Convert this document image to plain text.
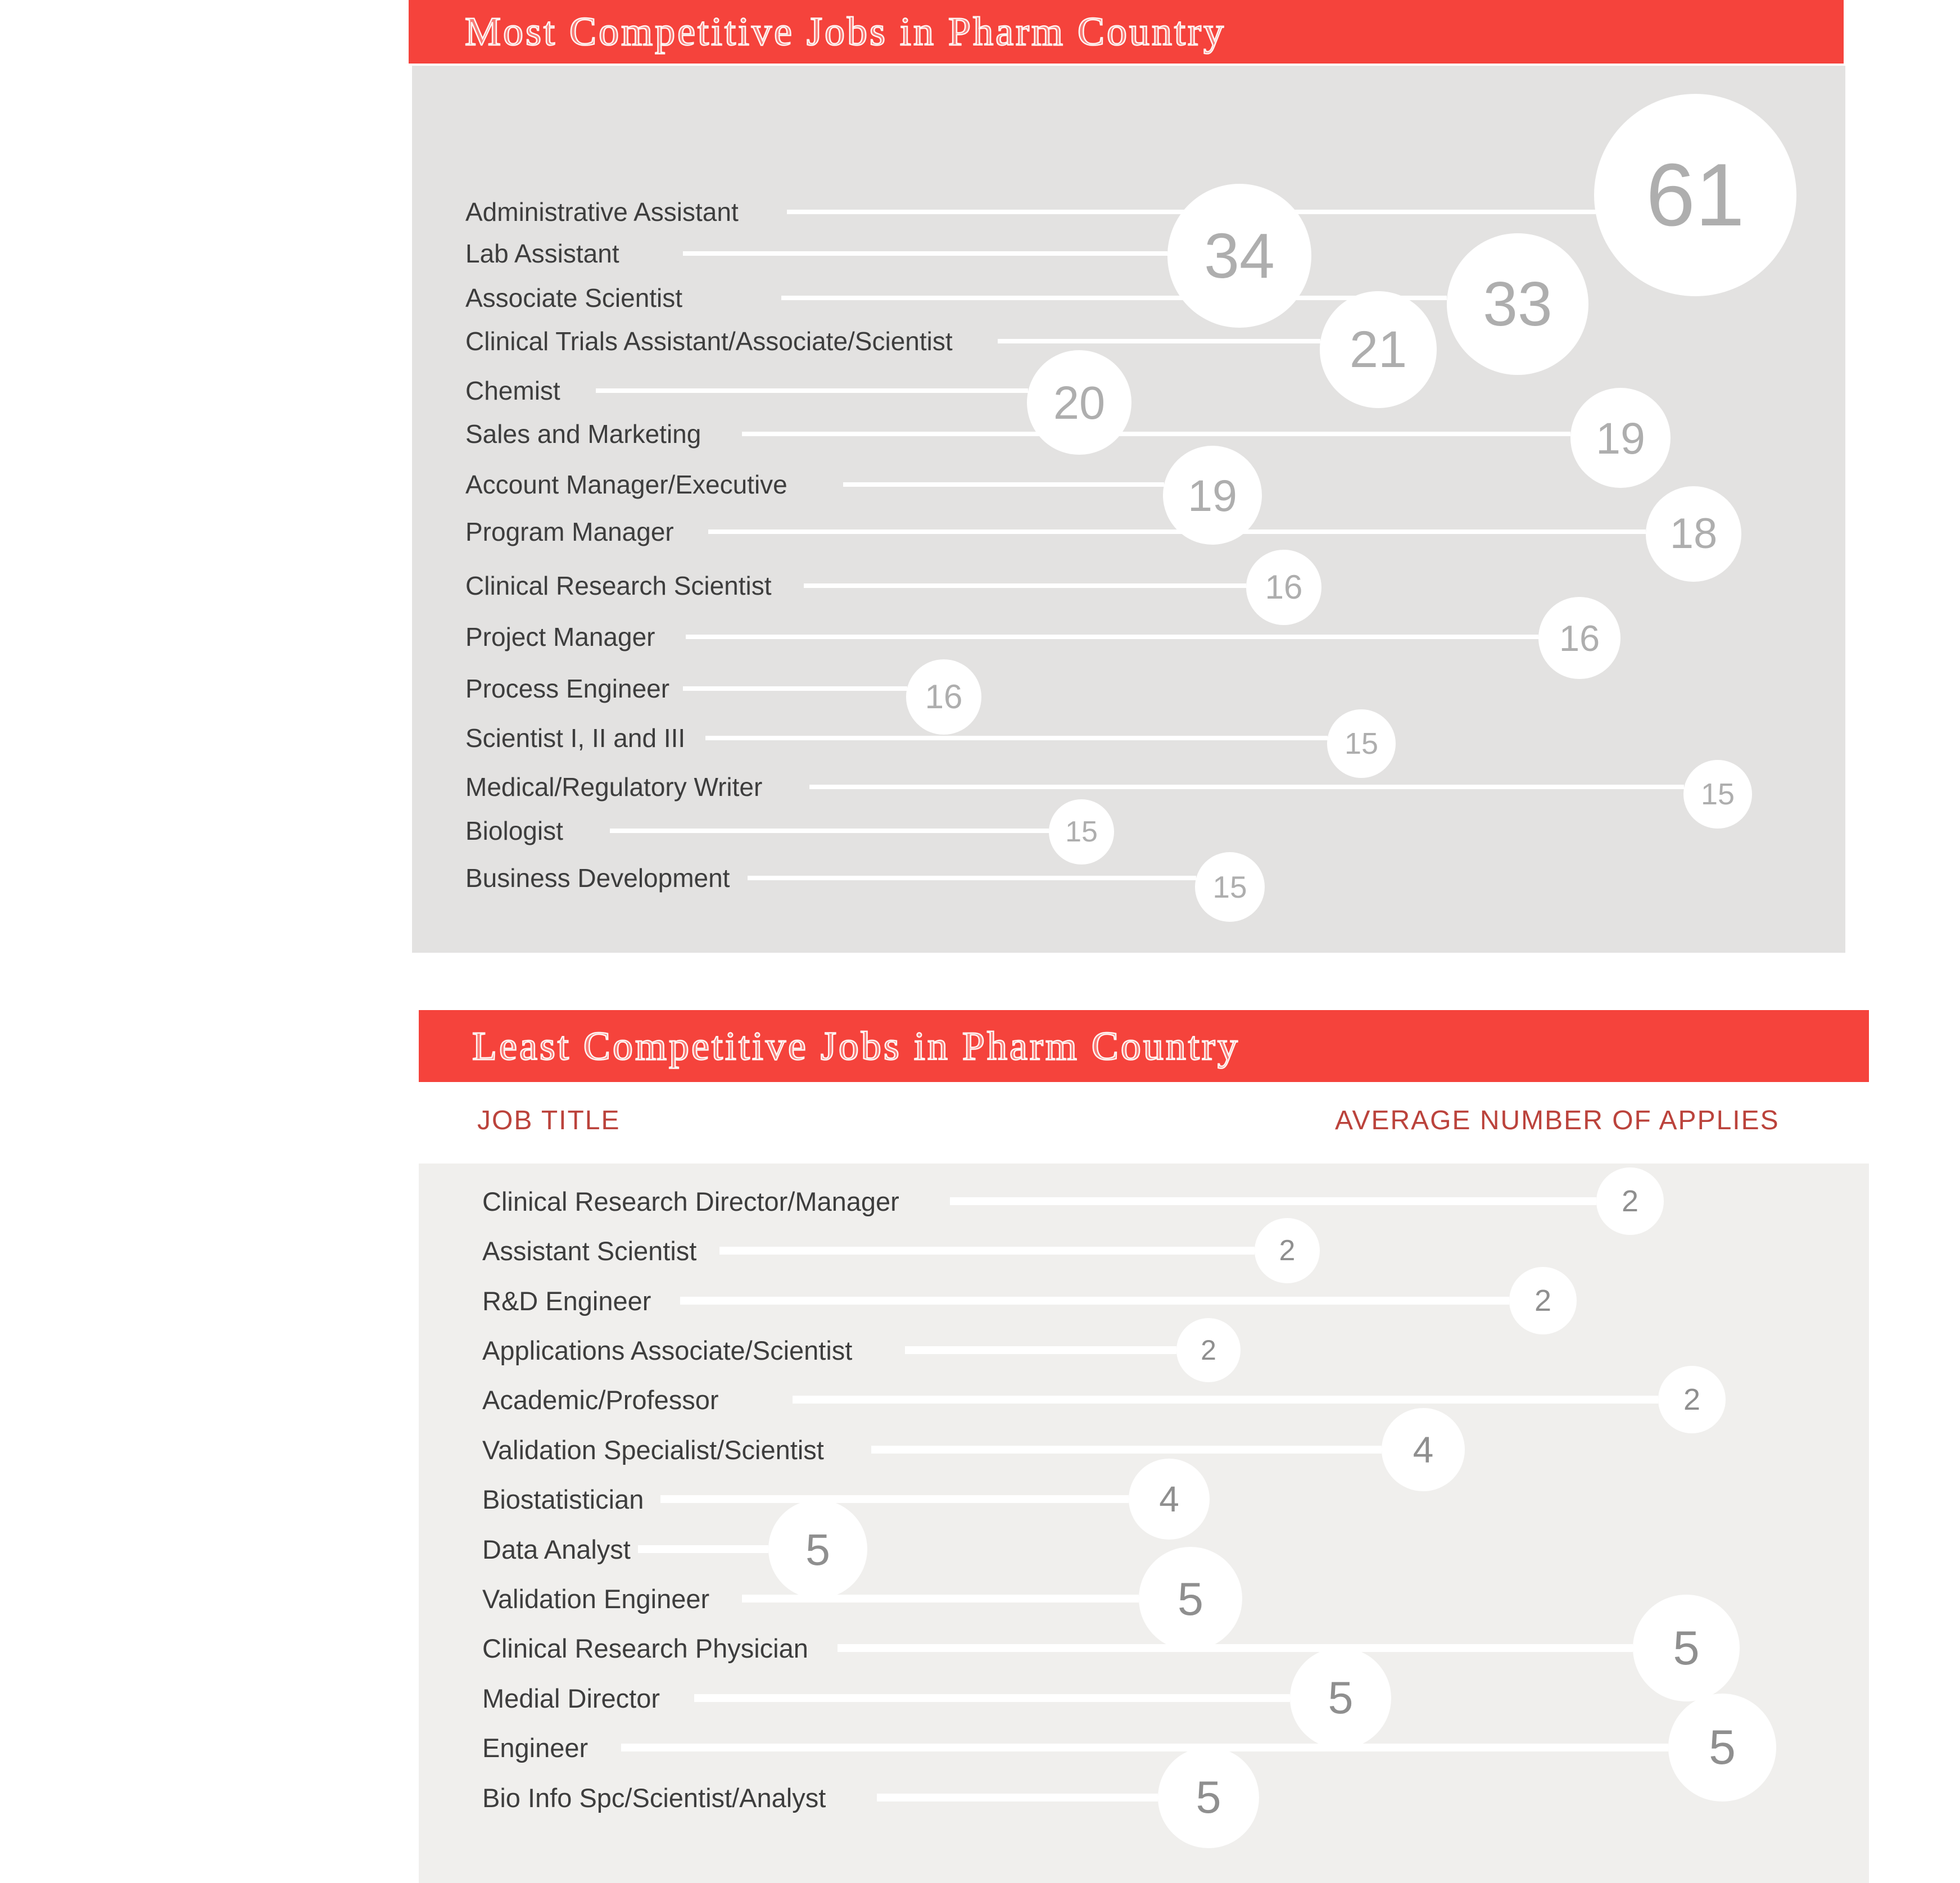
Most Competitive Jobs in Pharm Country
Administrative Assistant	61
Lab Assistant	34
Associate Scientist	33
Clinical Trials Assistant/Associate/Scientist	21
Chemist	20
Sales and Marketing	19
Account Manager/Executive	19
Program Manager	18
Clinical Research Scientist	16
Project Manager	16
Process Engineer	16
Scientist I, II and III	15
Medical/Regulatory Writer	15
Biologist	15
Business Development	15
Least Competitive Jobs in Pharm Country
JOB TITLE	AVERAGE NUMBER OF APPLIES
Clinical Research Director/Manager	2
Assistant Scientist	2
R&D Engineer	2
Applications Associate/Scientist	2
Academic/Professor	2
Validation Specialist/Scientist	4
Biostatistician	4
Data Analyst	5
Validation Engineer	5
Clinical Research Physician	5
Medial Director	5
Engineer	5
Bio Info Spc/Scientist/Analyst	5
